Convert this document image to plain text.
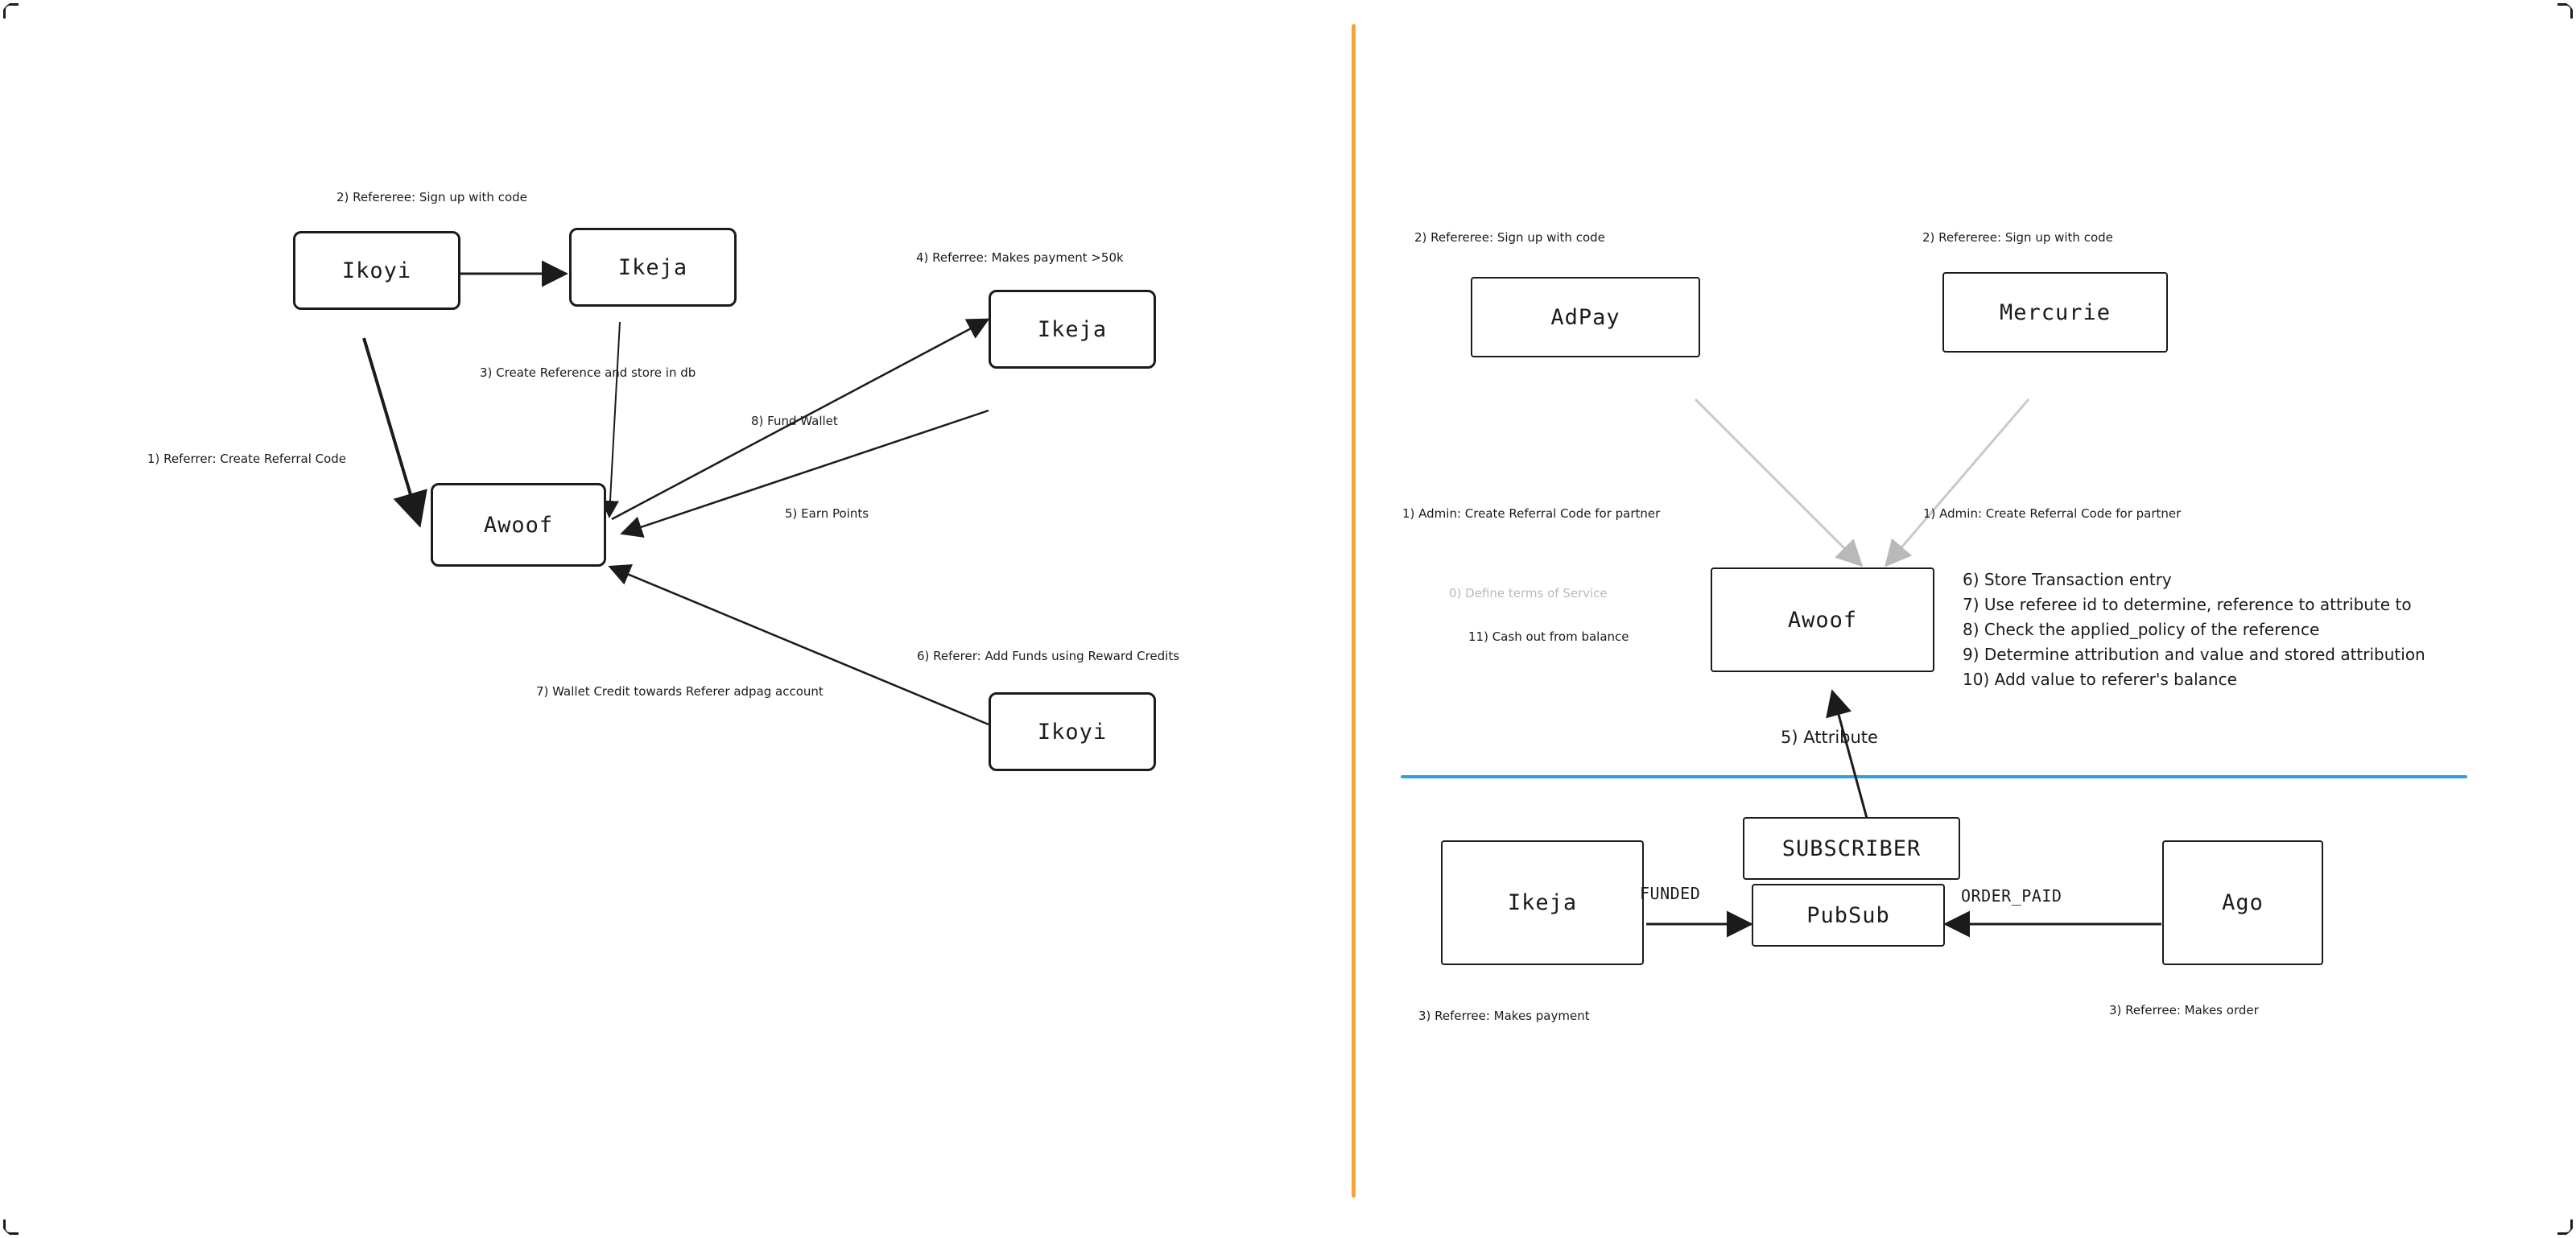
Ikoyi	Ikeja
Ikeja
Awoof
Ikoyi
2) Refereree: Sign up with code
4) Referree: Makes payment >50k
3) Create Reference and store in db
8) Fund Wallet
1) Referrer: Create Referral Code
5) Earn Points
6) Referer: Add Funds using Reward Credits
7) Wallet Credit towards Referer adpag account
AdPay	Mercurie
Awoof
SUBSCRIBER
PubSub
Ikeja	Ago
2) Refereree: Sign up with code	2) Refereree: Sign up with code
1) Admin: Create Referral Code for partner	1) Admin: Create Referral Code for partner
0) Define terms of Service
11) Cash out from balance
5) Attribute
FUNDED	ORDER_PAID
3) Referree: Makes payment	3) Referree: Makes order
6) Store Transaction entry
7) Use referee id to determine, reference to attribute to
8) Check the applied_policy of the reference
9) Determine attribution and value and stored attribution
10) Add value to referer's balance
